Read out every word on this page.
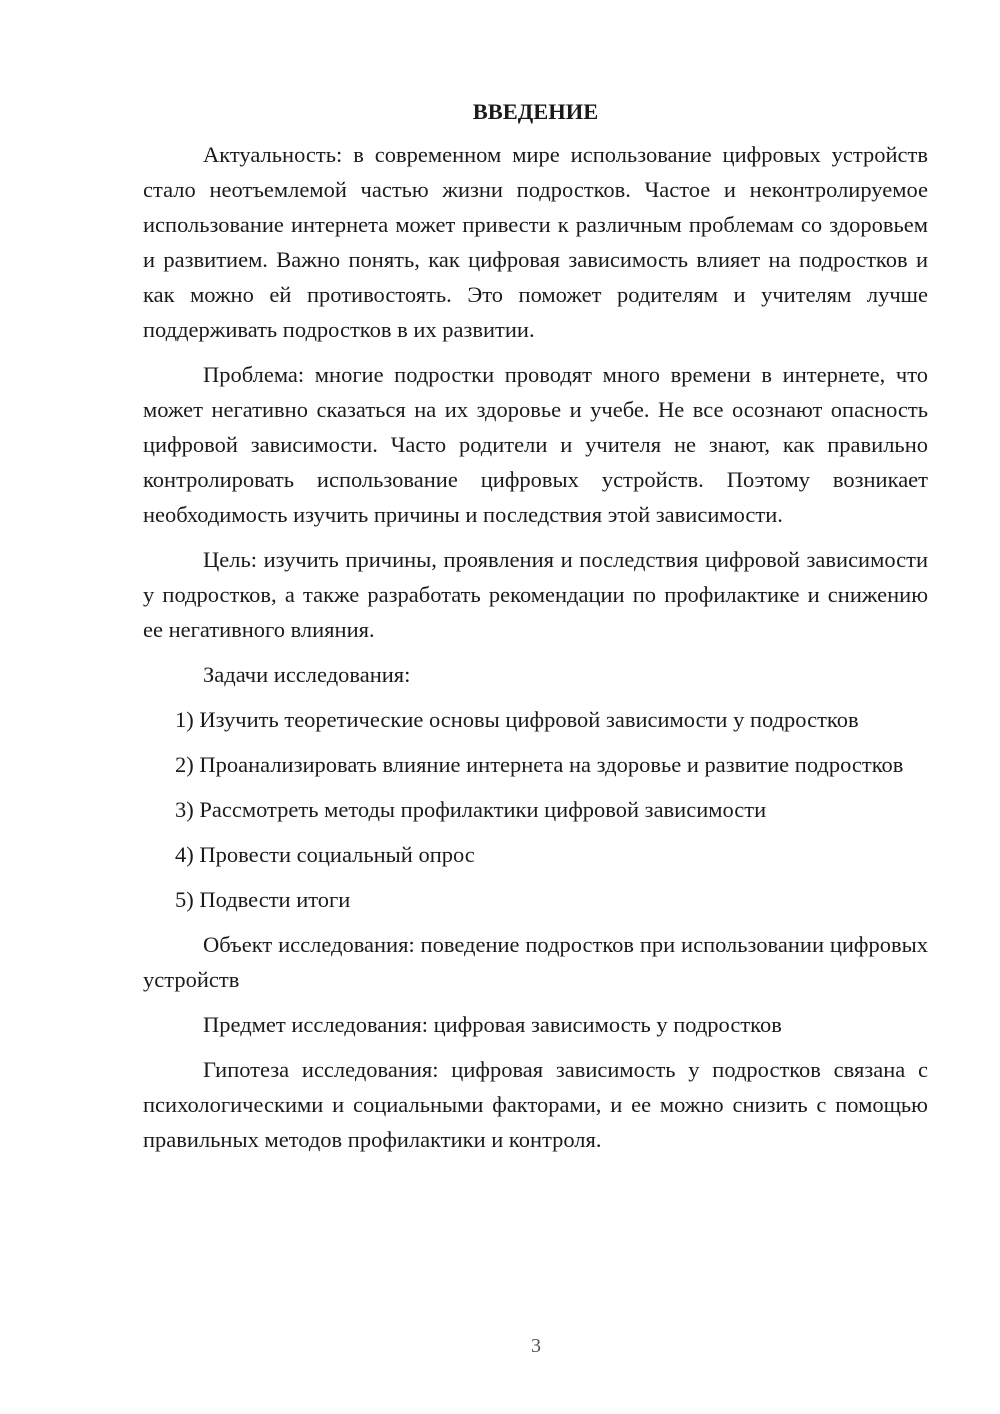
ВВЕДЕНИЕ

Актуальность: в современном мире использование цифровых устройств стало неотъемлемой частью жизни подростков. Частое и неконтролируемое использование интернета может привести к различным проблемам со здоровьем и развитием. Важно понять, как цифровая зависимость влияет на подростков и как можно ей противостоять. Это поможет родителям и учителям лучше поддерживать подростков в их развитии.

Проблема: многие подростки проводят много времени в интернете, что может негативно сказаться на их здоровье и учебе. Не все осознают опасность цифровой зависимости. Часто родители и учителя не знают, как правильно контролировать использование цифровых устройств. Поэтому возникает необходимость изучить причины и последствия этой зависимости.

Цель: изучить причины, проявления и последствия цифровой зависимости у подростков, а также разработать рекомендации по профилактике и снижению ее негативного влияния.

Задачи исследования:

1) Изучить теоретические основы цифровой зависимости у подростков

2) Проанализировать влияние интернета на здоровье и развитие подростков

3) Рассмотреть методы профилактики цифровой зависимости

4) Провести социальный опрос

5) Подвести итоги

Объект исследования: поведение подростков при использовании цифровых устройств

Предмет исследования: цифровая зависимость у подростков

Гипотеза исследования: цифровая зависимость у подростков связана с психологическими и социальными факторами, и ее можно снизить с помощью правильных методов профилактики и контроля.

3
